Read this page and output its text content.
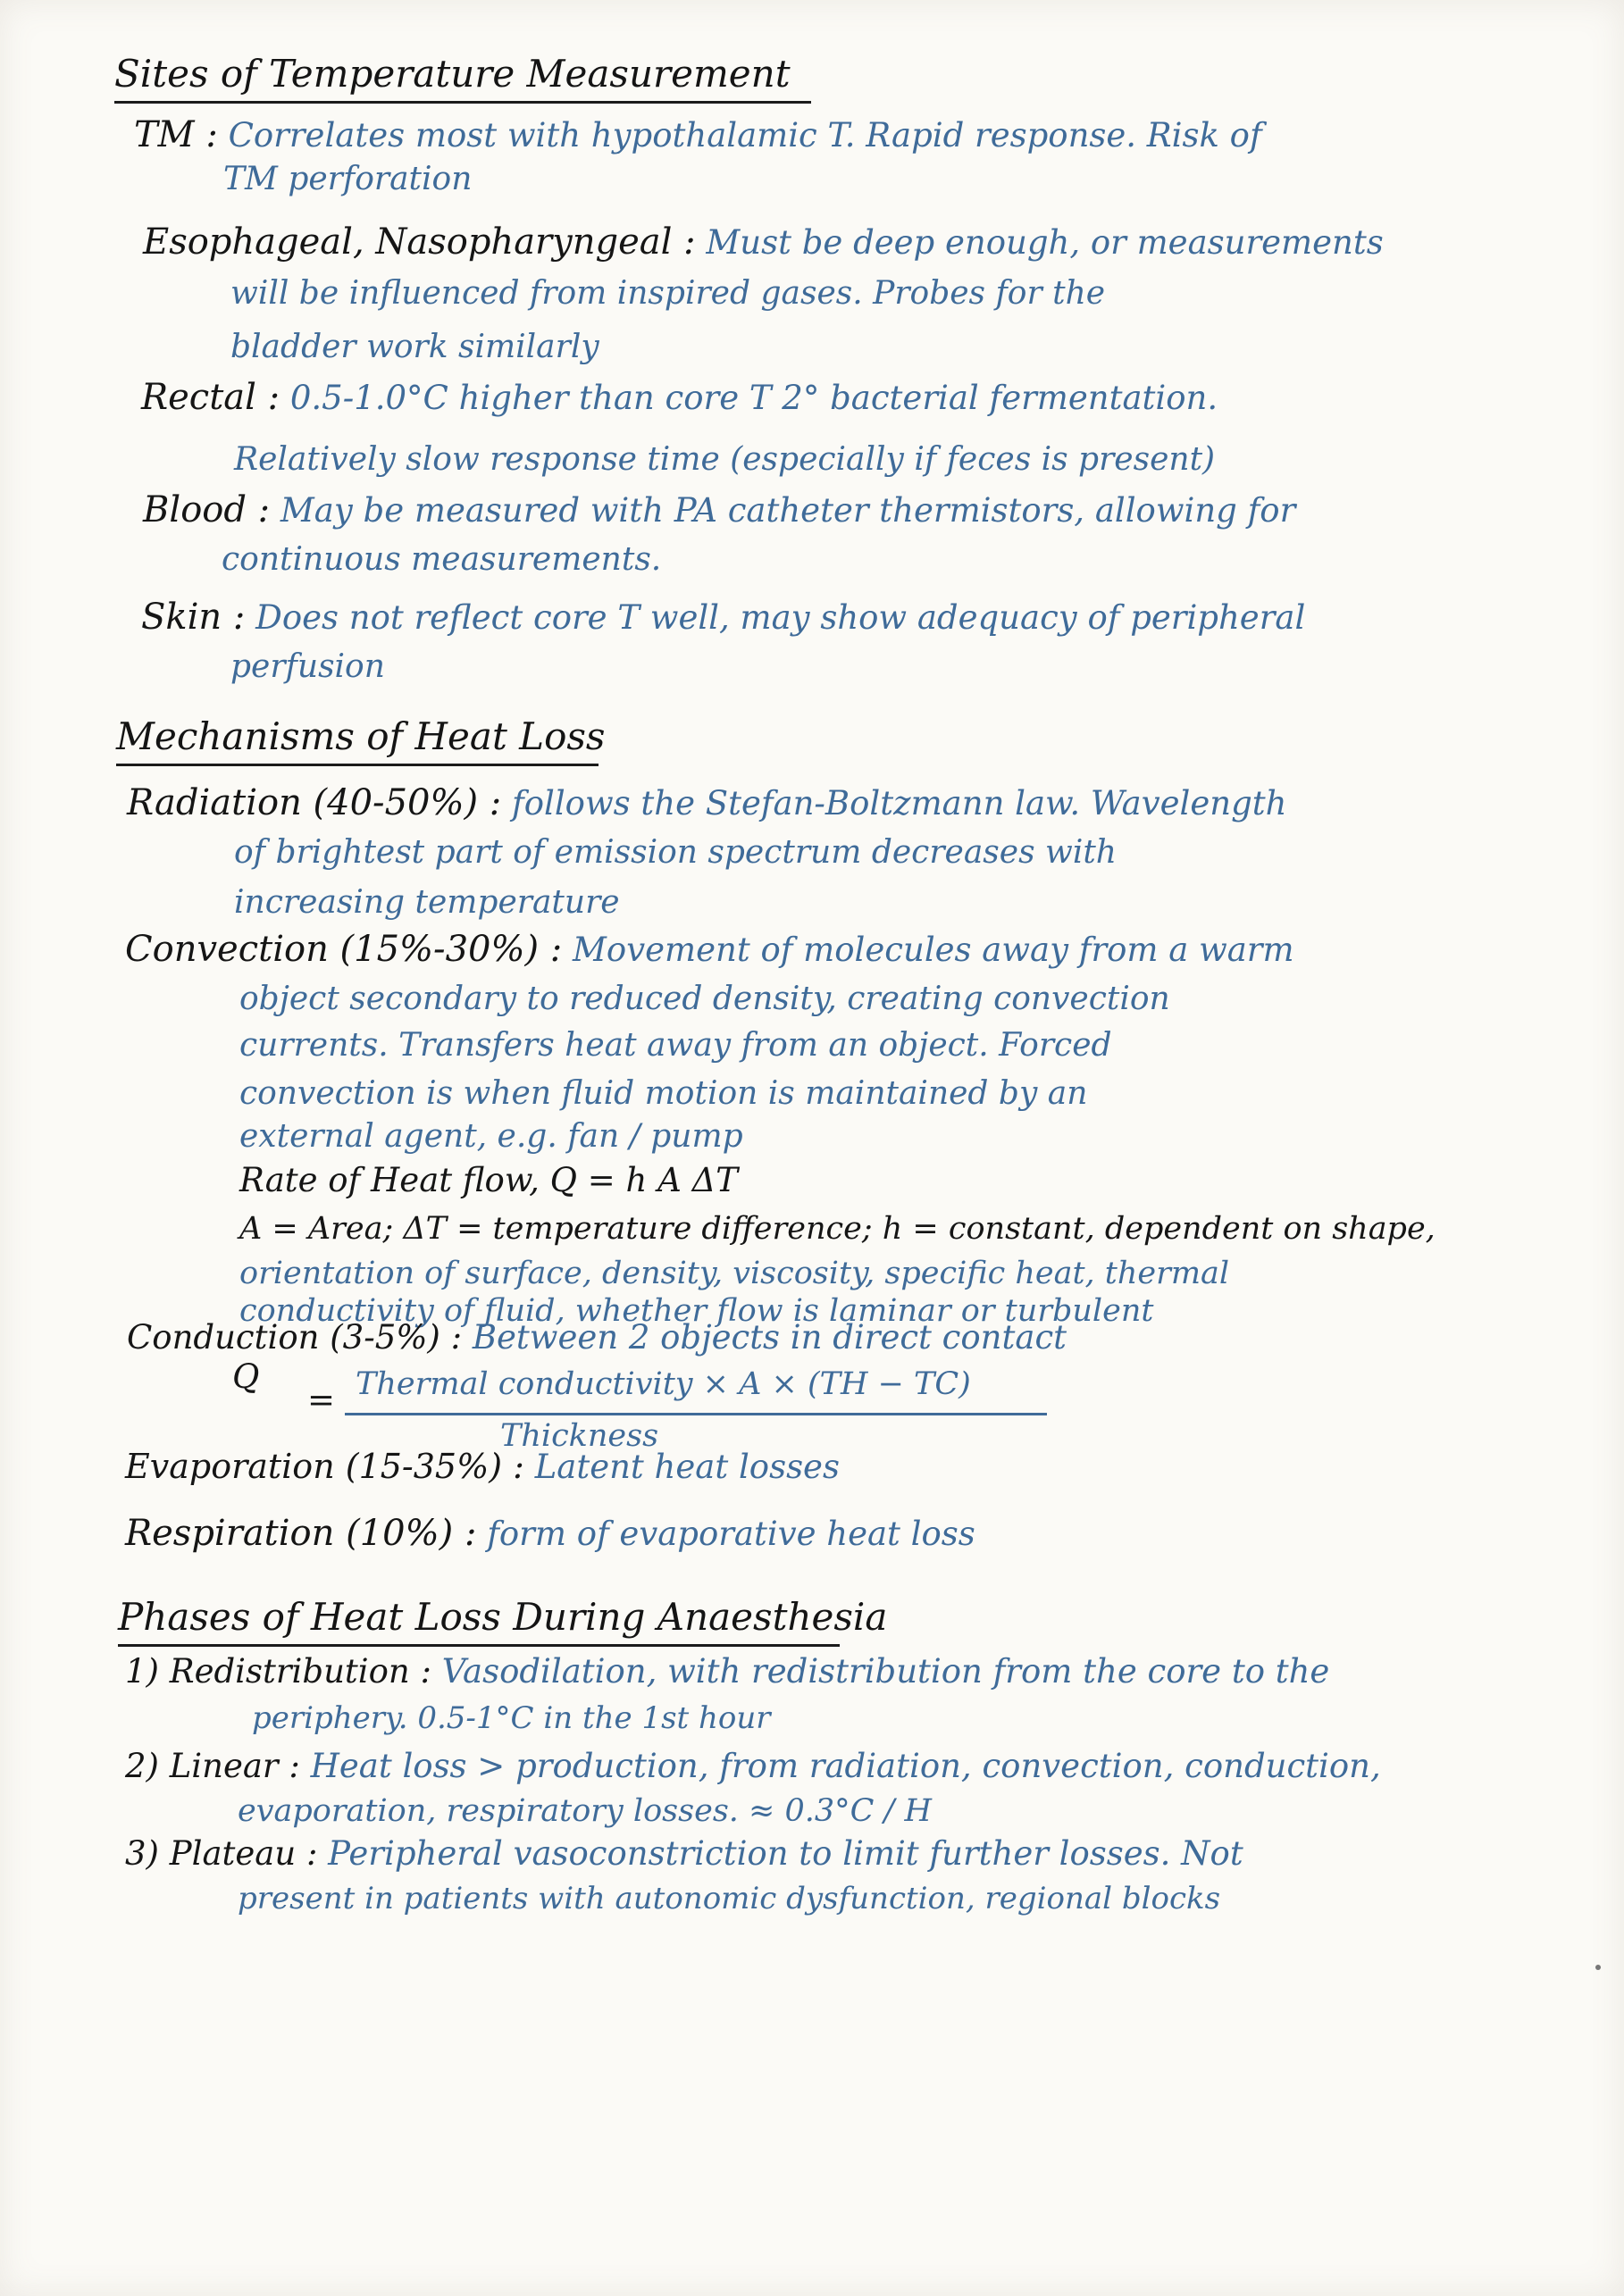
Sites of Temperature Measurement
TM : Correlates most with hypothalamic T. Rapid response. Risk of
TM perforation
Esophageal, Nasopharyngeal : Must be deep enough, or measurements
will be influenced from inspired gases. Probes for the
bladder work similarly
Rectal : 0.5-1.0°C higher than core T 2° bacterial fermentation.
Relatively slow response time (especially if feces is present)
Blood : May be measured with PA catheter thermistors, allowing for
continuous measurements.
Skin : Does not reflect core T well, may show adequacy of peripheral
perfusion
Mechanisms of Heat Loss
Radiation (40-50%) : follows the Stefan-Boltzmann law. Wavelength
of brightest part of emission spectrum decreases with
increasing temperature
Convection (15%-30%) : Movement of molecules away from a warm
object secondary to reduced density, creating convection
currents. Transfers heat away from an object. Forced
convection is when fluid motion is maintained by an
external agent, e.g. fan / pump
Rate of Heat flow, Q = h A ΔT
A = Area; ΔT = temperature difference; h = constant, dependent on shape,
orientation of surface, density, viscosity, specific heat, thermal
conductivity of fluid, whether flow is laminar or turbulent
Conduction (3-5%) : Between 2 objects in direct contact
Q
= Thermal conductivity × A × (TH − TC)
Thickness
Evaporation (15-35%) : Latent heat losses
Respiration (10%) : form of evaporative heat loss
Phases of Heat Loss During Anaesthesia
1) Redistribution : Vasodilation, with redistribution from the core to the
periphery. 0.5-1°C in the 1st hour
2) Linear : Heat loss > production, from radiation, convection, conduction,
evaporation, respiratory losses. ≈ 0.3°C / H
3) Plateau : Peripheral vasoconstriction to limit further losses. Not
present in patients with autonomic dysfunction, regional blocks
